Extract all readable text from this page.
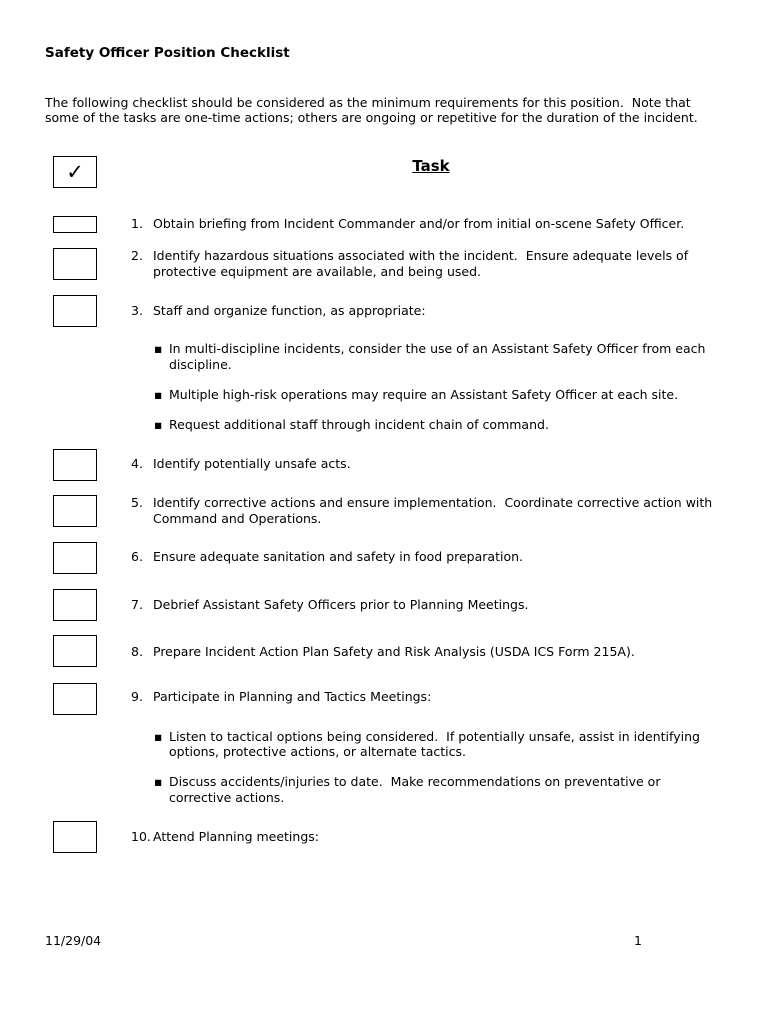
Safety Officer Position Checklist
The following checklist should be considered as the minimum requirements for this position.  Note that
some of the tasks are one-time actions; others are ongoing or repetitive for the duration of the incident.
✓	Task
1. Obtain briefing from Incident Commander and/or from initial on-scene Safety Officer.
2. Identify hazardous situations associated with the incident.  Ensure adequate levels of
protective equipment are available, and being used.
3. Staff and organize function, as appropriate:
▪ In multi-discipline incidents, consider the use of an Assistant Safety Officer from each
discipline.
▪ Multiple high-risk operations may require an Assistant Safety Officer at each site.
▪ Request additional staff through incident chain of command.
4. Identify potentially unsafe acts.
5. Identify corrective actions and ensure implementation.  Coordinate corrective action with
Command and Operations.
6. Ensure adequate sanitation and safety in food preparation.
7. Debrief Assistant Safety Officers prior to Planning Meetings.
8. Prepare Incident Action Plan Safety and Risk Analysis (USDA ICS Form 215A).
9. Participate in Planning and Tactics Meetings:
▪ Listen to tactical options being considered.  If potentially unsafe, assist in identifying
options, protective actions, or alternate tactics.
▪ Discuss accidents/injuries to date.  Make recommendations on preventative or
corrective actions.
10. Attend Planning meetings:
11/29/04	1
